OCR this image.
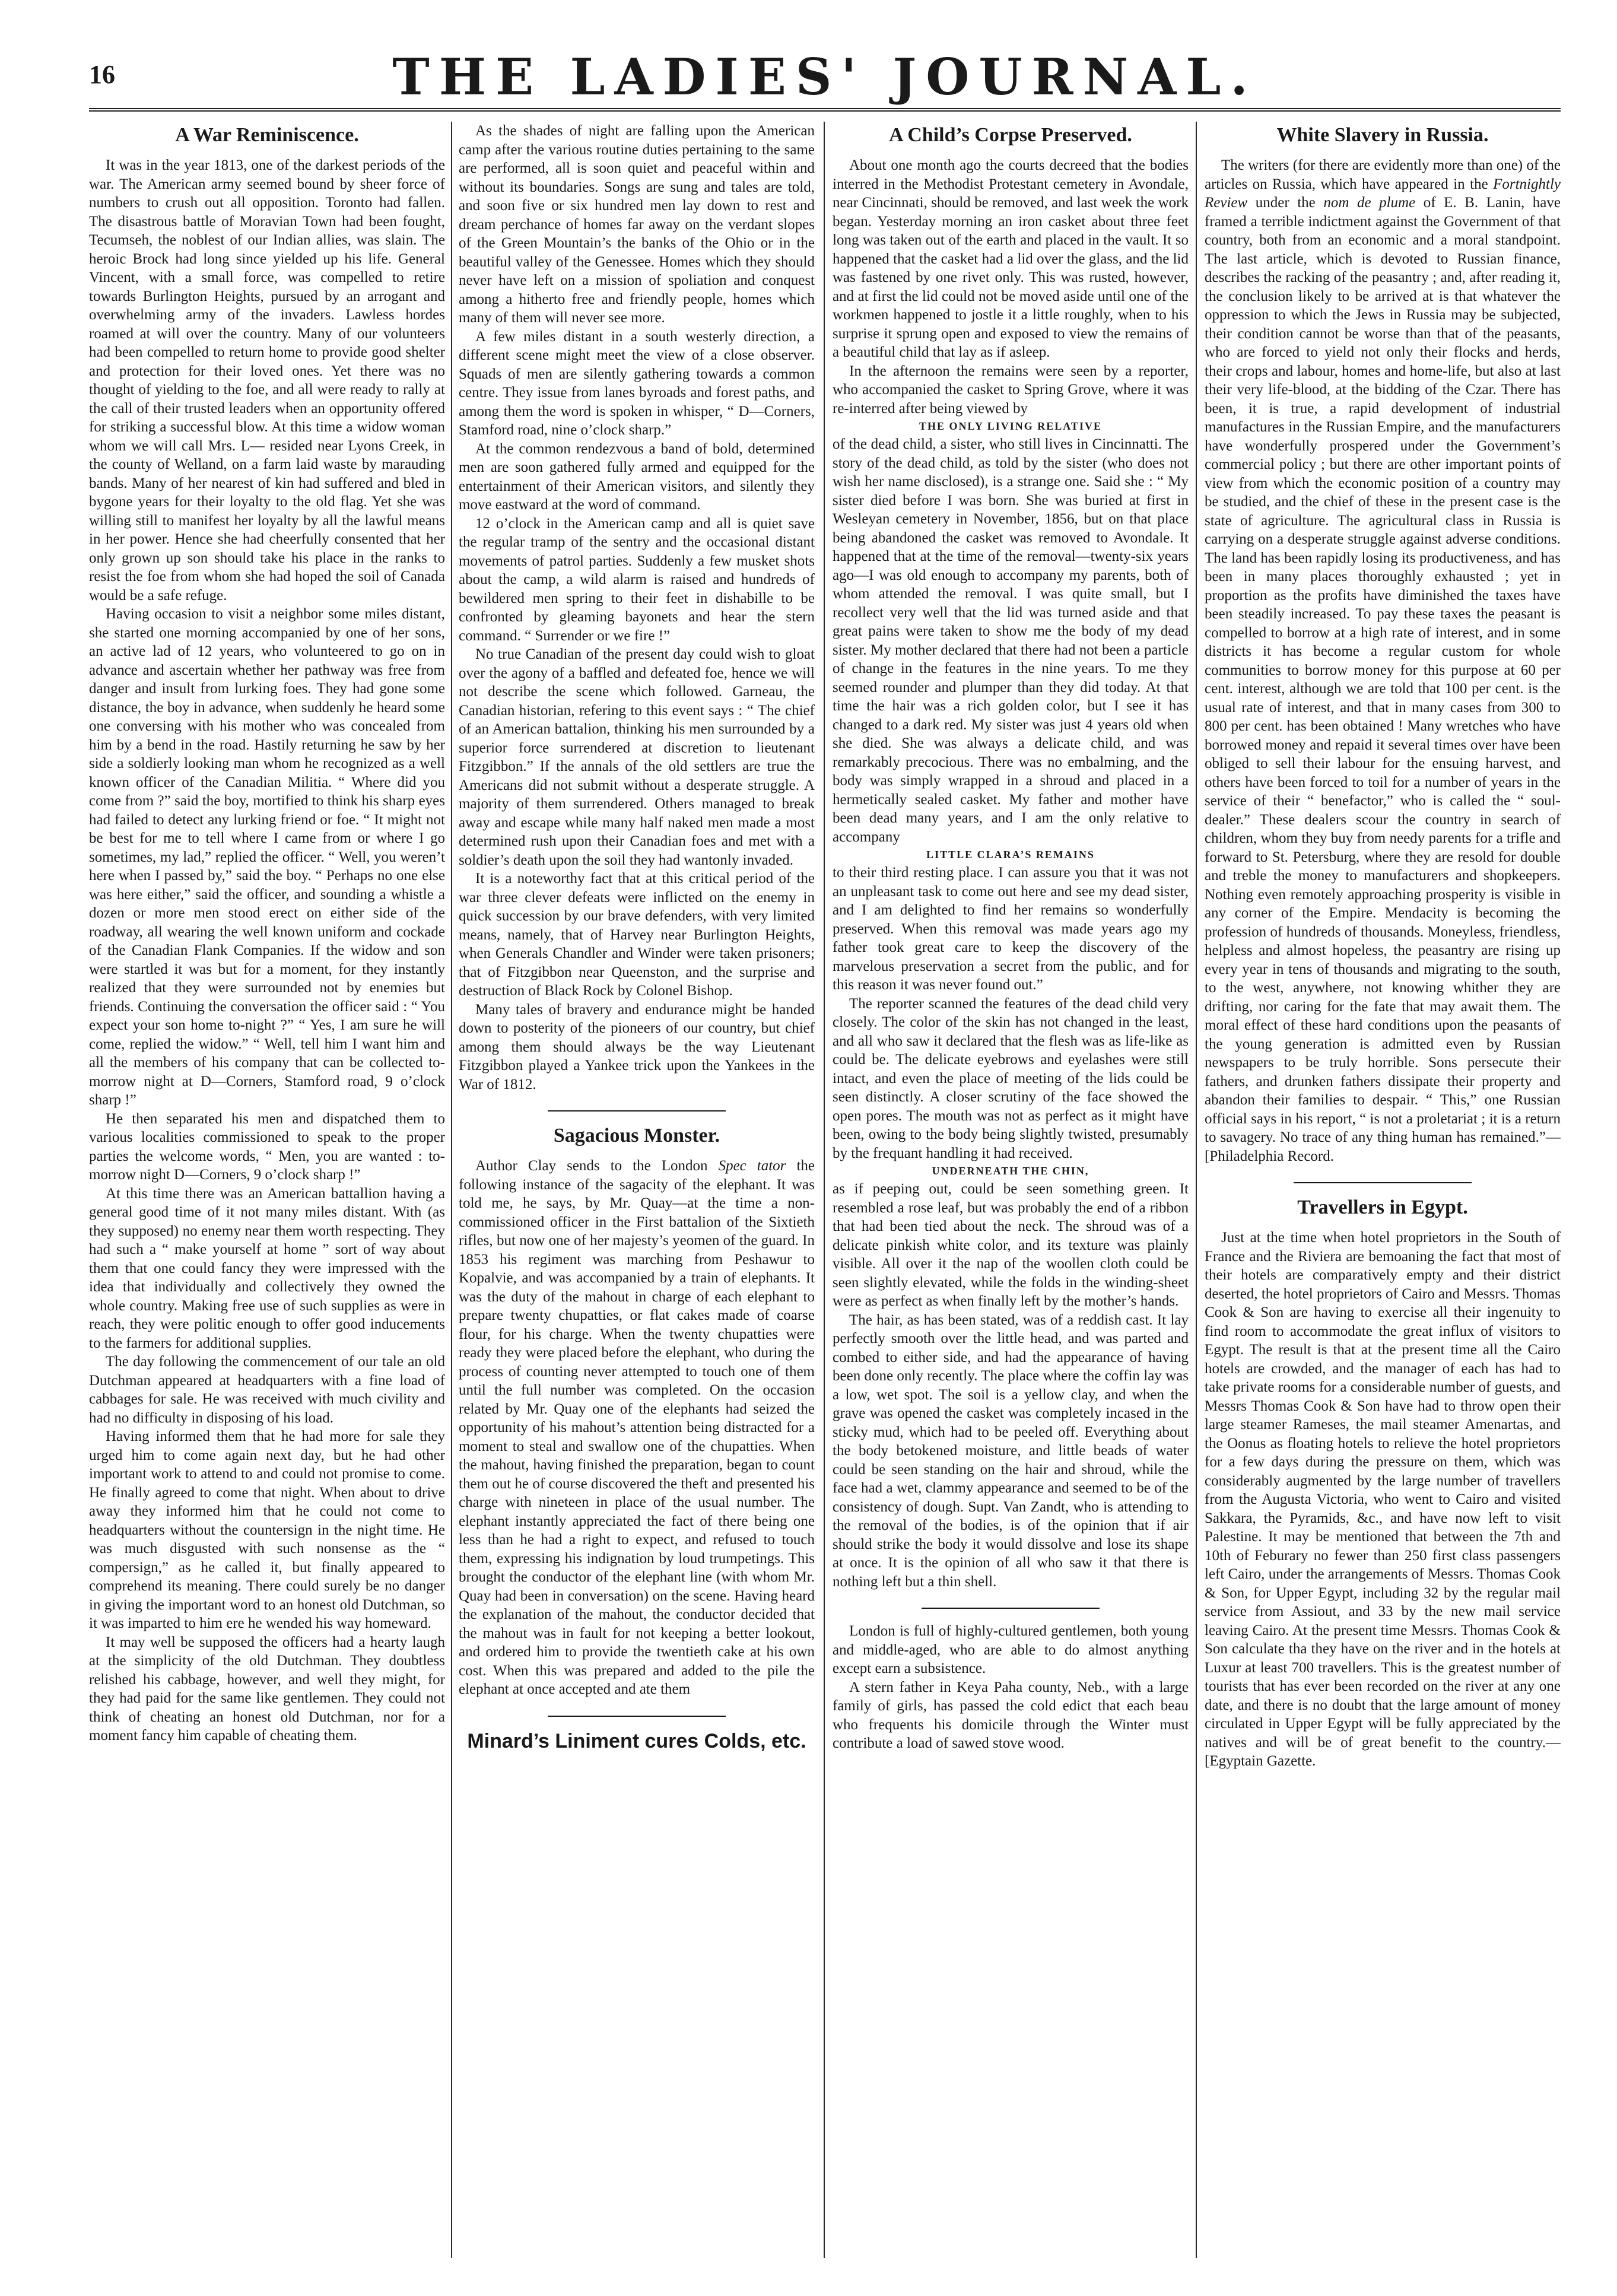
16	THE LADIES' JOURNAL.
A War Reminiscence.

It was in the year 1813, one of the darkest periods of the war. The American army seemed bound by sheer force of numbers to crush out all opposition. Toronto had fallen. The disastrous battle of Moravian Town had been fought, Tecumseh, the noblest of our Indian allies, was slain. The heroic Brock had long since yielded up his life. General Vincent, with a small force, was compelled to retire towards Burlington Heights, pursued by an arrogant and overwhelming army of the invaders. Lawless hordes roamed at will over the country. Many of our volunteers had been compelled to return home to provide good shelter and protection for their loved ones. Yet there was no thought of yielding to the foe, and all were ready to rally at the call of their trusted leaders when an opportunity offered for striking a successful blow. At this time a widow woman whom we will call Mrs. L— resided near Lyons Creek, in the county of Welland, on a farm laid waste by marauding bands. Many of her nearest of kin had suffered and bled in bygone years for their loyalty to the old flag. Yet she was willing still to manifest her loyalty by all the lawful means in her power. Hence she had cheerfully consented that her only grown up son should take his place in the ranks to resist the foe from whom she had hoped the soil of Canada would be a safe refuge.

Having occasion to visit a neighbor some miles distant, she started one morning accompanied by one of her sons, an active lad of 12 years, who volunteered to go on in advance and ascertain whether her pathway was free from danger and insult from lurking foes. They had gone some distance, the boy in advance, when suddenly he heard some one conversing with his mother who was concealed from him by a bend in the road. Hastily returning he saw by her side a soldierly looking man whom he recognized as a well known officer of the Canadian Militia. “ Where did you come from ?” said the boy, mortified to think his sharp eyes had failed to detect any lurking friend or foe. “ It might not be best for me to tell where I came from or where I go sometimes, my lad,” replied the officer. “ Well, you weren’t here when I passed by,” said the boy. “ Perhaps no one else was here either,” said the officer, and sounding a whistle a dozen or more men stood erect on either side of the roadway, all wearing the well known uniform and cockade of the Canadian Flank Companies. If the widow and son were startled it was but for a moment, for they instantly realized that they were surrounded not by enemies but friends. Continuing the conversation the officer said : “ You expect your son home to-night ?” “ Yes, I am sure he will come, replied the widow.” “ Well, tell him I want him and all the members of his company that can be collected to-morrow night at D—Corners, Stamford road, 9 o’clock sharp !”

He then separated his men and dispatched them to various localities commissioned to speak to the proper parties the welcome words, “ Men, you are wanted : to-morrow night D—Corners, 9 o’clock sharp !”

At this time there was an American battallion having a general good time of it not many miles distant. With (as they supposed) no enemy near them worth respecting. They had such a “ make yourself at home ” sort of way about them that one could fancy they were impressed with the idea that individually and collectively they owned the whole country. Making free use of such supplies as were in reach, they were politic enough to offer good inducements to the farmers for additional supplies.

The day following the commencement of our tale an old Dutchman appeared at headquarters with a fine load of cabbages for sale. He was received with much civility and had no difficulty in disposing of his load.

Having informed them that he had more for sale they urged him to come again next day, but he had other important work to attend to and could not promise to come. He finally agreed to come that night. When about to drive away they informed him that he could not come to headquarters without the countersign in the night time. He was much disgusted with such nonsense as the “ compersign,” as he called it, but finally appeared to comprehend its meaning. There could surely be no danger in giving the important word to an honest old Dutchman, so it was imparted to him ere he wended his way homeward.

It may well be supposed the officers had a hearty laugh at the simplicity of the old Dutchman. They doubtless relished his cabbage, however, and well they might, for they had paid for the same like gentlemen. They could not think of cheating an honest old Dutchman, nor for a moment fancy him capable of cheating them.

As the shades of night are falling upon the American camp after the various routine duties pertaining to the same are performed, all is soon quiet and peaceful within and without its boundaries. Songs are sung and tales are told, and soon five or six hundred men lay down to rest and dream perchance of homes far away on the verdant slopes of the Green Mountain’s the banks of the Ohio or in the beautiful valley of the Genessee. Homes which they should never have left on a mission of spoliation and conquest among a hitherto free and friendly people, homes which many of them will never see more.

A few miles distant in a south westerly direction, a different scene might meet the view of a close observer. Squads of men are silently gathering towards a common centre. They issue from lanes byroads and forest paths, and among them the word is spoken in whisper, “ D—Corners, Stamford road, nine o’clock sharp.”

At the common rendezvous a band of bold, determined men are soon gathered fully armed and equipped for the entertainment of their American visitors, and silently they move eastward at the word of command.

12 o’clock in the American camp and all is quiet save the regular tramp of the sentry and the occasional distant movements of patrol parties. Suddenly a few musket shots about the camp, a wild alarm is raised and hundreds of bewildered men spring to their feet in dishabille to be confronted by gleaming bayonets and hear the stern command. “ Surrender or we fire !”

No true Canadian of the present day could wish to gloat over the agony of a baffled and defeated foe, hence we will not describe the scene which followed. Garneau, the Canadian historian, refering to this event says : “ The chief of an American battalion, thinking his men surrounded by a superior force surrendered at discretion to lieutenant Fitzgibbon.” If the annals of the old settlers are true the Americans did not submit without a desperate struggle. A majority of them surrendered. Others managed to break away and escape while many half naked men made a most determined rush upon their Canadian foes and met with a soldier’s death upon the soil they had wantonly invaded.

It is a noteworthy fact that at this critical period of the war three clever defeats were inflicted on the enemy in quick succession by our brave defenders, with very limited means, namely, that of Harvey near Burlington Heights, when Generals Chandler and Winder were taken prisoners; that of Fitzgibbon near Queenston, and the surprise and destruction of Black Rock by Colonel Bishop.

Many tales of bravery and endurance might be handed down to posterity of the pioneers of our country, but chief among them should always be the way Lieutenant Fitzgibbon played a Yankee trick upon the Yankees in the War of 1812.

Sagacious Monster.

Author Clay sends to the London Spec tator the following instance of the sagacity of the elephant. It was told me, he says, by Mr. Quay—at the time a non-commissioned officer in the First battalion of the Sixtieth rifles, but now one of her majesty’s yeomen of the guard. In 1853 his regiment was marching from Peshawur to Kopalvie, and was accompanied by a train of elephants. It was the duty of the mahout in charge of each elephant to prepare twenty chupatties, or flat cakes made of coarse flour, for his charge. When the twenty chupatties were ready they were placed before the elephant, who during the process of counting never attempted to touch one of them until the full number was completed. On the occasion related by Mr. Quay one of the elephants had seized the opportunity of his mahout’s attention being distracted for a moment to steal and swallow one of the chupatties. When the mahout, having finished the preparation, began to count them out he of course discovered the theft and presented his charge with nineteen in place of the usual number. The elephant instantly appreciated the fact of there being one less than he had a right to expect, and refused to touch them, expressing his indignation by loud trumpetings. This brought the conductor of the elephant line (with whom Mr. Quay had been in conversation) on the scene. Having heard the explanation of the mahout, the conductor decided that the mahout was in fault for not keeping a better lookout, and ordered him to provide the twentieth cake at his own cost. When this was prepared and added to the pile the elephant at once accepted and ate them

Minard’s Liniment cures Colds, etc.
A Child’s Corpse Preserved.

About one month ago the courts decreed that the bodies interred in the Methodist Protestant cemetery in Avondale, near Cincinnati, should be removed, and last week the work began. Yesterday morning an iron casket about three feet long was taken out of the earth and placed in the vault. It so happened that the casket had a lid over the glass, and the lid was fastened by one rivet only. This was rusted, however, and at first the lid could not be moved aside until one of the workmen happened to jostle it a little roughly, when to his surprise it sprung open and exposed to view the remains of a beautiful child that lay as if asleep.

In the afternoon the remains were seen by a reporter, who accompanied the casket to Spring Grove, where it was re-interred after being viewed by

THE ONLY LIVING RELATIVE

of the dead child, a sister, who still lives in Cincinnatti. The story of the dead child, as told by the sister (who does not wish her name disclosed), is a strange one. Said she : “ My sister died before I was born. She was buried at first in Wesleyan cemetery in November, 1856, but on that place being abandoned the casket was removed to Avondale. It happened that at the time of the removal—twenty-six years ago—I was old enough to accompany my parents, both of whom attended the removal. I was quite small, but I recollect very well that the lid was turned aside and that great pains were taken to show me the body of my dead sister. My mother declared that there had not been a particle of change in the features in the nine years. To me they seemed rounder and plumper than they did today. At that time the hair was a rich golden color, but I see it has changed to a dark red. My sister was just 4 years old when she died. She was always a delicate child, and was remarkably precocious. There was no embalming, and the body was simply wrapped in a shroud and placed in a hermetically sealed casket. My father and mother have been dead many years, and I am the only relative to accompany

LITTLE CLARA’S REMAINS

to their third resting place. I can assure you that it was not an unpleasant task to come out here and see my dead sister, and I am delighted to find her remains so wonderfully preserved. When this removal was made years ago my father took great care to keep the discovery of the marvelous preservation a secret from the public, and for this reason it was never found out.”

The reporter scanned the features of the dead child very closely. The color of the skin has not changed in the least, and all who saw it declared that the flesh was as life-like as could be. The delicate eyebrows and eyelashes were still intact, and even the place of meeting of the lids could be seen distinctly. A closer scrutiny of the face showed the open pores. The mouth was not as perfect as it might have been, owing to the body being slightly twisted, presumably by the frequant handling it had received.

UNDERNEATH THE CHIN,

as if peeping out, could be seen something green. It resembled a rose leaf, but was probably the end of a ribbon that had been tied about the neck. The shroud was of a delicate pinkish white color, and its texture was plainly visible. All over it the nap of the woollen cloth could be seen slightly elevated, while the folds in the winding-sheet were as perfect as when finally left by the mother’s hands.

The hair, as has been stated, was of a reddish cast. It lay perfectly smooth over the little head, and was parted and combed to either side, and had the appearance of having been done only recently. The place where the coffin lay was a low, wet spot. The soil is a yellow clay, and when the grave was opened the casket was completely incased in the sticky mud, which had to be peeled off. Everything about the body betokened moisture, and little beads of water could be seen standing on the hair and shroud, while the face had a wet, clammy appearance and seemed to be of the consistency of dough. Supt. Van Zandt, who is attending to the removal of the bodies, is of the opinion that if air should strike the body it would dissolve and lose its shape at once. It is the opinion of all who saw it that there is nothing left but a thin shell.

London is full of highly-cultured gentlemen, both young and middle-aged, who are able to do almost anything except earn a subsistence.

A stern father in Keya Paha county, Neb., with a large family of girls, has passed the cold edict that each beau who frequents his domicile through the Winter must contribute a load of sawed stove wood.

White Slavery in Russia.

The writers (for there are evidently more than one) of the articles on Russia, which have appeared in the Fortnightly Review under the nom de plume of E. B. Lanin, have framed a terrible indictment against the Government of that country, both from an economic and a moral standpoint. The last article, which is devoted to Russian finance, describes the racking of the peasantry ; and, after reading it, the conclusion likely to be arrived at is that whatever the oppression to which the Jews in Russia may be subjected, their condition cannot be worse than that of the peasants, who are forced to yield not only their flocks and herds, their crops and labour, homes and home-life, but also at last their very life-blood, at the bidding of the Czar. There has been, it is true, a rapid development of industrial manufactures in the Russian Empire, and the manufacturers have wonderfully prospered under the Government’s commercial policy ; but there are other important points of view from which the economic position of a country may be studied, and the chief of these in the present case is the state of agriculture. The agricultural class in Russia is carrying on a desperate struggle against adverse conditions. The land has been rapidly losing its productiveness, and has been in many places thoroughly exhausted ; yet in proportion as the profits have diminished the taxes have been steadily increased. To pay these taxes the peasant is compelled to borrow at a high rate of interest, and in some districts it has become a regular custom for whole communities to borrow money for this purpose at 60 per cent. interest, although we are told that 100 per cent. is the usual rate of interest, and that in many cases from 300 to 800 per cent. has been obtained ! Many wretches who have borrowed money and repaid it several times over have been obliged to sell their labour for the ensuing harvest, and others have been forced to toil for a number of years in the service of their “ benefactor,” who is called the “ soul-dealer.” These dealers scour the country in search of children, whom they buy from needy parents for a trifle and forward to St. Petersburg, where they are resold for double and treble the money to manufacturers and shopkeepers. Nothing even remotely approaching prosperity is visible in any corner of the Empire. Mendacity is becoming the profession of hundreds of thousands. Moneyless, friendless, helpless and almost hopeless, the peasantry are rising up every year in tens of thousands and migrating to the south, to the west, anywhere, not knowing whither they are drifting, nor caring for the fate that may await them. The moral effect of these hard conditions upon the peasants of the young generation is admitted even by Russian newspapers to be truly horrible. Sons persecute their fathers, and drunken fathers dissipate their property and abandon their families to despair. “ This,” one Russian official says in his report, “ is not a proletariat ; it is a return to savagery. No trace of any thing human has remained.”—[Philadelphia Record.

Travellers in Egypt.

Just at the time when hotel proprietors in the South of France and the Riviera are bemoaning the fact that most of their hotels are comparatively empty and their district deserted, the hotel proprietors of Cairo and Messrs. Thomas Cook & Son are having to exercise all their ingenuity to find room to accommodate the great influx of visitors to Egypt. The result is that at the present time all the Cairo hotels are crowded, and the manager of each has had to take private rooms for a considerable number of guests, and Messrs Thomas Cook & Son have had to throw open their large steamer Rameses, the mail steamer Amenartas, and the Oonus as floating hotels to relieve the hotel proprietors for a few days during the pressure on them, which was considerably augmented by the large number of travellers from the Augusta Victoria, who went to Cairo and visited Sakkara, the Pyramids, &c., and have now left to visit Palestine. It may be mentioned that between the 7th and 10th of Feburary no fewer than 250 first class passengers left Cairo, under the arrangements of Messrs. Thomas Cook & Son, for Upper Egypt, including 32 by the regular mail service from Assiout, and 33 by the new mail service leaving Cairo. At the present time Messrs. Thomas Cook & Son calculate tha they have on the river and in the hotels at Luxur at least 700 travellers. This is the greatest number of tourists that has ever been recorded on the river at any one date, and there is no doubt that the large amount of money circulated in Upper Egypt will be fully appreciated by the natives and will be of great benefit to the country.—[Egyptain Gazette.
